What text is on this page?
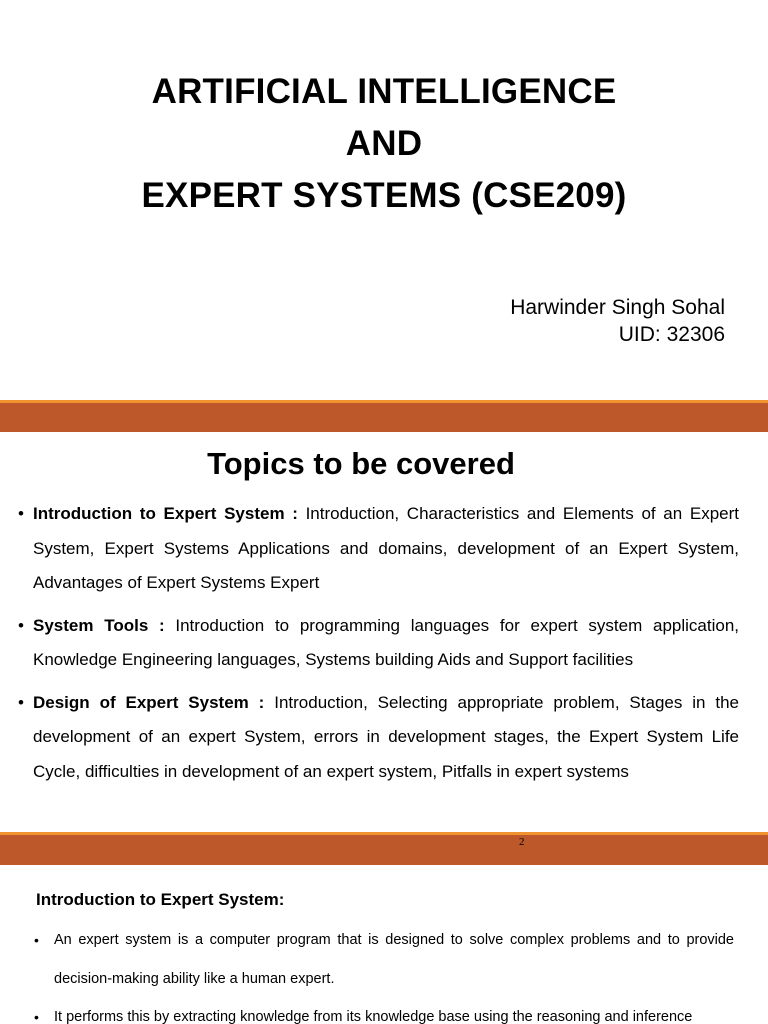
ARTIFICIAL INTELLIGENCE
AND
EXPERT SYSTEMS (CSE209)
Harwinder Singh Sohal
UID: 32306
Topics to be covered
• Introduction to Expert System : Introduction, Characteristics and Elements of an Expert System, Expert Systems Applications and domains, development of an Expert System, Advantages of Expert Systems Expert
• System Tools : Introduction to programming languages for expert system application, Knowledge Engineering languages, Systems building Aids and Support facilities
• Design of Expert System : Introduction, Selecting appropriate problem, Stages in the development of an expert System, errors in development stages, the Expert System Life Cycle, difficulties in development of an expert system, Pitfalls in expert systems
2
Introduction to Expert System:
• An expert system is a computer program that is designed to solve complex problems and to provide decision-making ability like a human expert.
• It performs this by extracting knowledge from its knowledge base using the reasoning and inference
